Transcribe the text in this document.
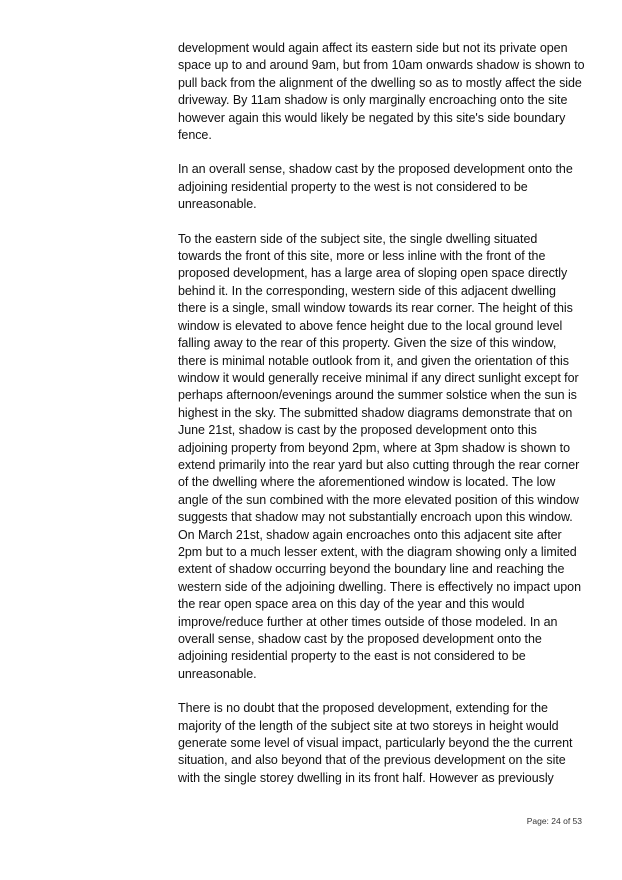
development would again affect its eastern side but not its private open
space up to and around 9am, but from 10am onwards shadow is shown to
pull back from the alignment of the dwelling so as to mostly affect the side
driveway. By 11am shadow is only marginally encroaching onto the site
however again this would likely be negated by this site's side boundary
fence.

In an overall sense, shadow cast by the proposed development onto the
adjoining residential property to the west is not considered to be
unreasonable.

To the eastern side of the subject site, the single dwelling situated
towards the front of this site, more or less inline with the front of the
proposed development, has a large area of sloping open space directly
behind it. In the corresponding, western side of this adjacent dwelling
there is a single, small window towards its rear corner. The height of this
window is elevated to above fence height due to the local ground level
falling away to the rear of this property. Given the size of this window,
there is minimal notable outlook from it, and given the orientation of this
window it would generally receive minimal if any direct sunlight except for
perhaps afternoon/evenings around the summer solstice when the sun is
highest in the sky. The submitted shadow diagrams demonstrate that on
June 21st, shadow is cast by the proposed development onto this
adjoining property from beyond 2pm, where at 3pm shadow is shown to
extend primarily into the rear yard but also cutting through the rear corner
of the dwelling where the aforementioned window is located. The low
angle of the sun combined with the more elevated position of this window
suggests that shadow may not substantially encroach upon this window.
On March 21st, shadow again encroaches onto this adjacent site after
2pm but to a much lesser extent, with the diagram showing only a limited
extent of shadow occurring beyond the boundary line and reaching the
western side of the adjoining dwelling. There is effectively no impact upon
the rear open space area on this day of the year and this would
improve/reduce further at other times outside of those modeled. In an
overall sense, shadow cast by the proposed development onto the
adjoining residential property to the east is not considered to be
unreasonable.

There is no doubt that the proposed development, extending for the
majority of the length of the subject site at two storeys in height would
generate some level of visual impact, particularly beyond the the current
situation, and also beyond that of the previous development on the site
with the single storey dwelling in its front half. However as previously

Page: 24 of 53
